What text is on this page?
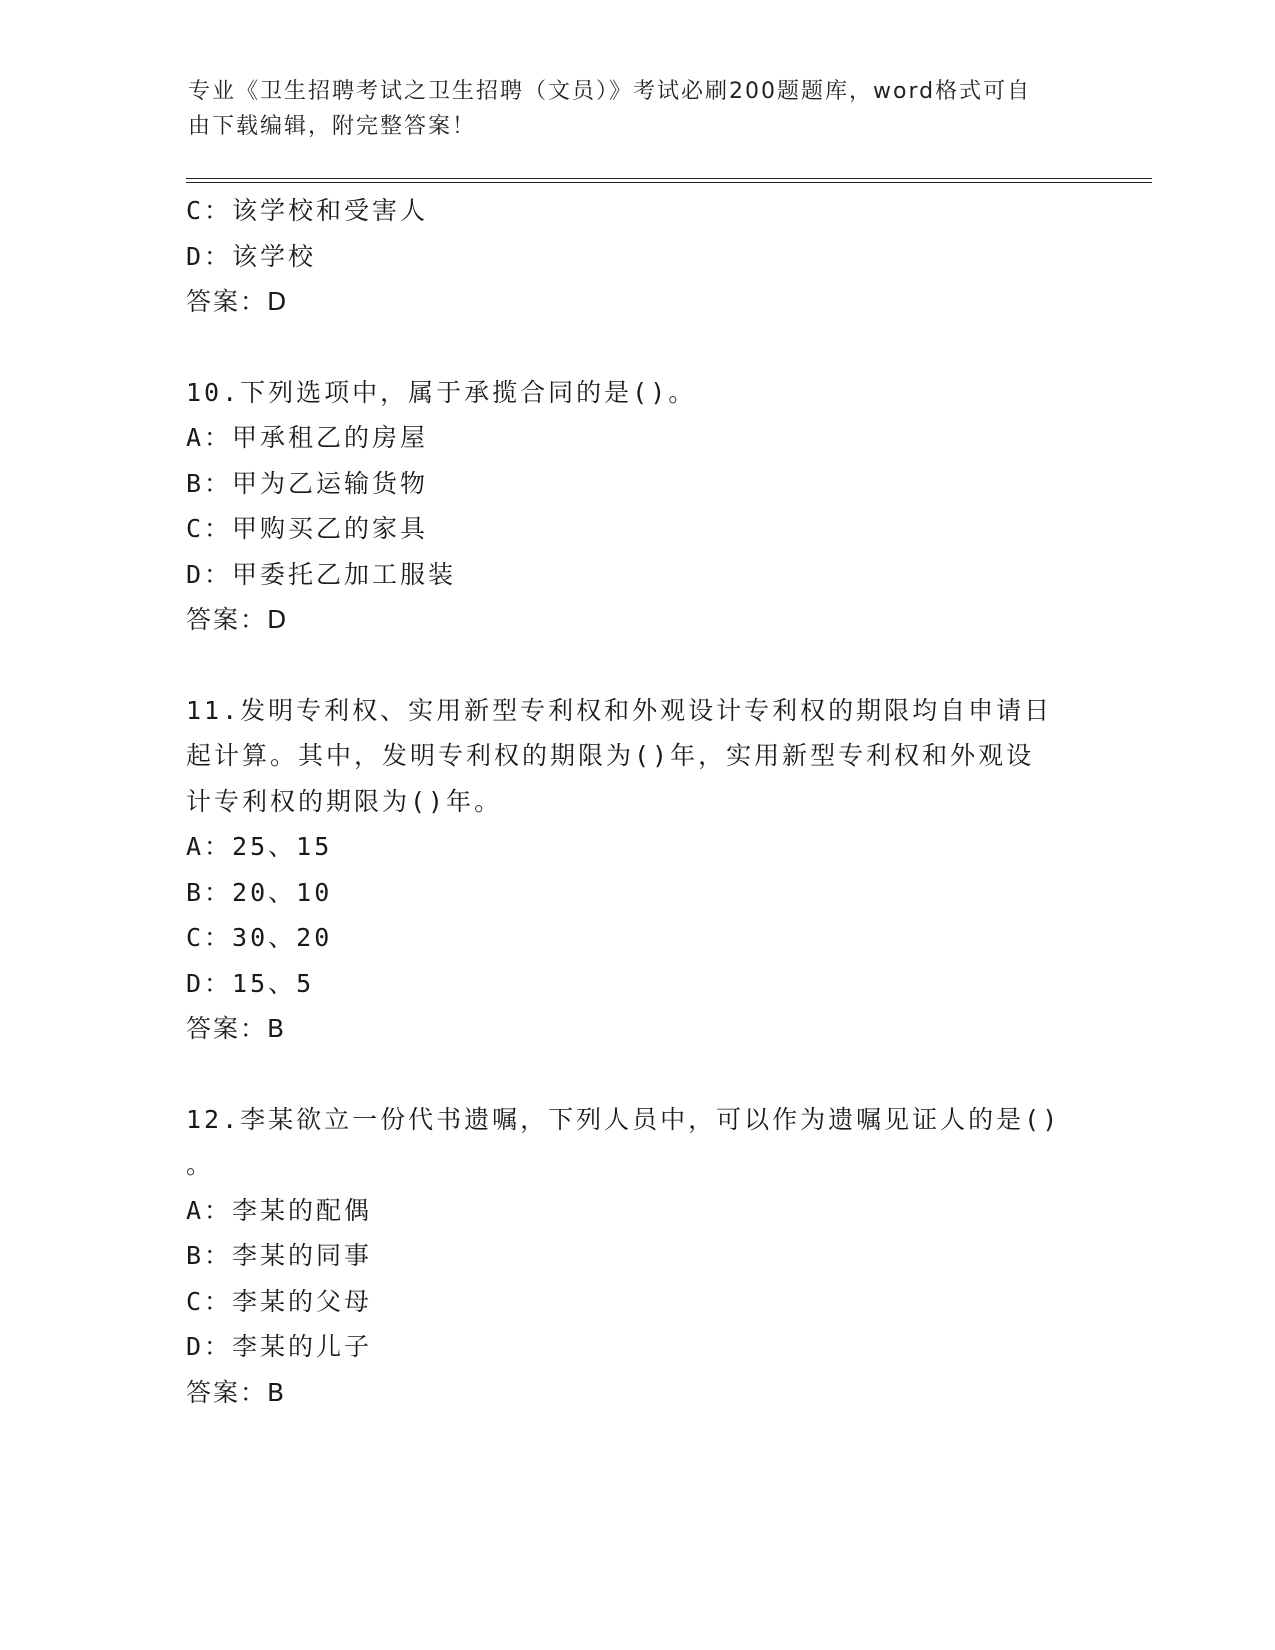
专业《卫生招聘考试之卫生招聘（文员）》考试必刷200题题库，word格式可自
由下载编辑，附完整答案！
C：该学校和受害人
D：该学校
答案：D
10.下列选项中，属于承揽合同的是()。
A：甲承租乙的房屋
B：甲为乙运输货物
C：甲购买乙的家具
D：甲委托乙加工服装
答案：D
11.发明专利权、实用新型专利权和外观设计专利权的期限均自申请日
起计算。其中，发明专利权的期限为()年，实用新型专利权和外观设
计专利权的期限为()年。
A：25、15
B：20、10
C：30、20
D：15、5
答案：B
12.李某欲立一份代书遗嘱，下列人员中，可以作为遗嘱见证人的是()
。
A：李某的配偶
B：李某的同事
C：李某的父母
D：李某的儿子
答案：B
